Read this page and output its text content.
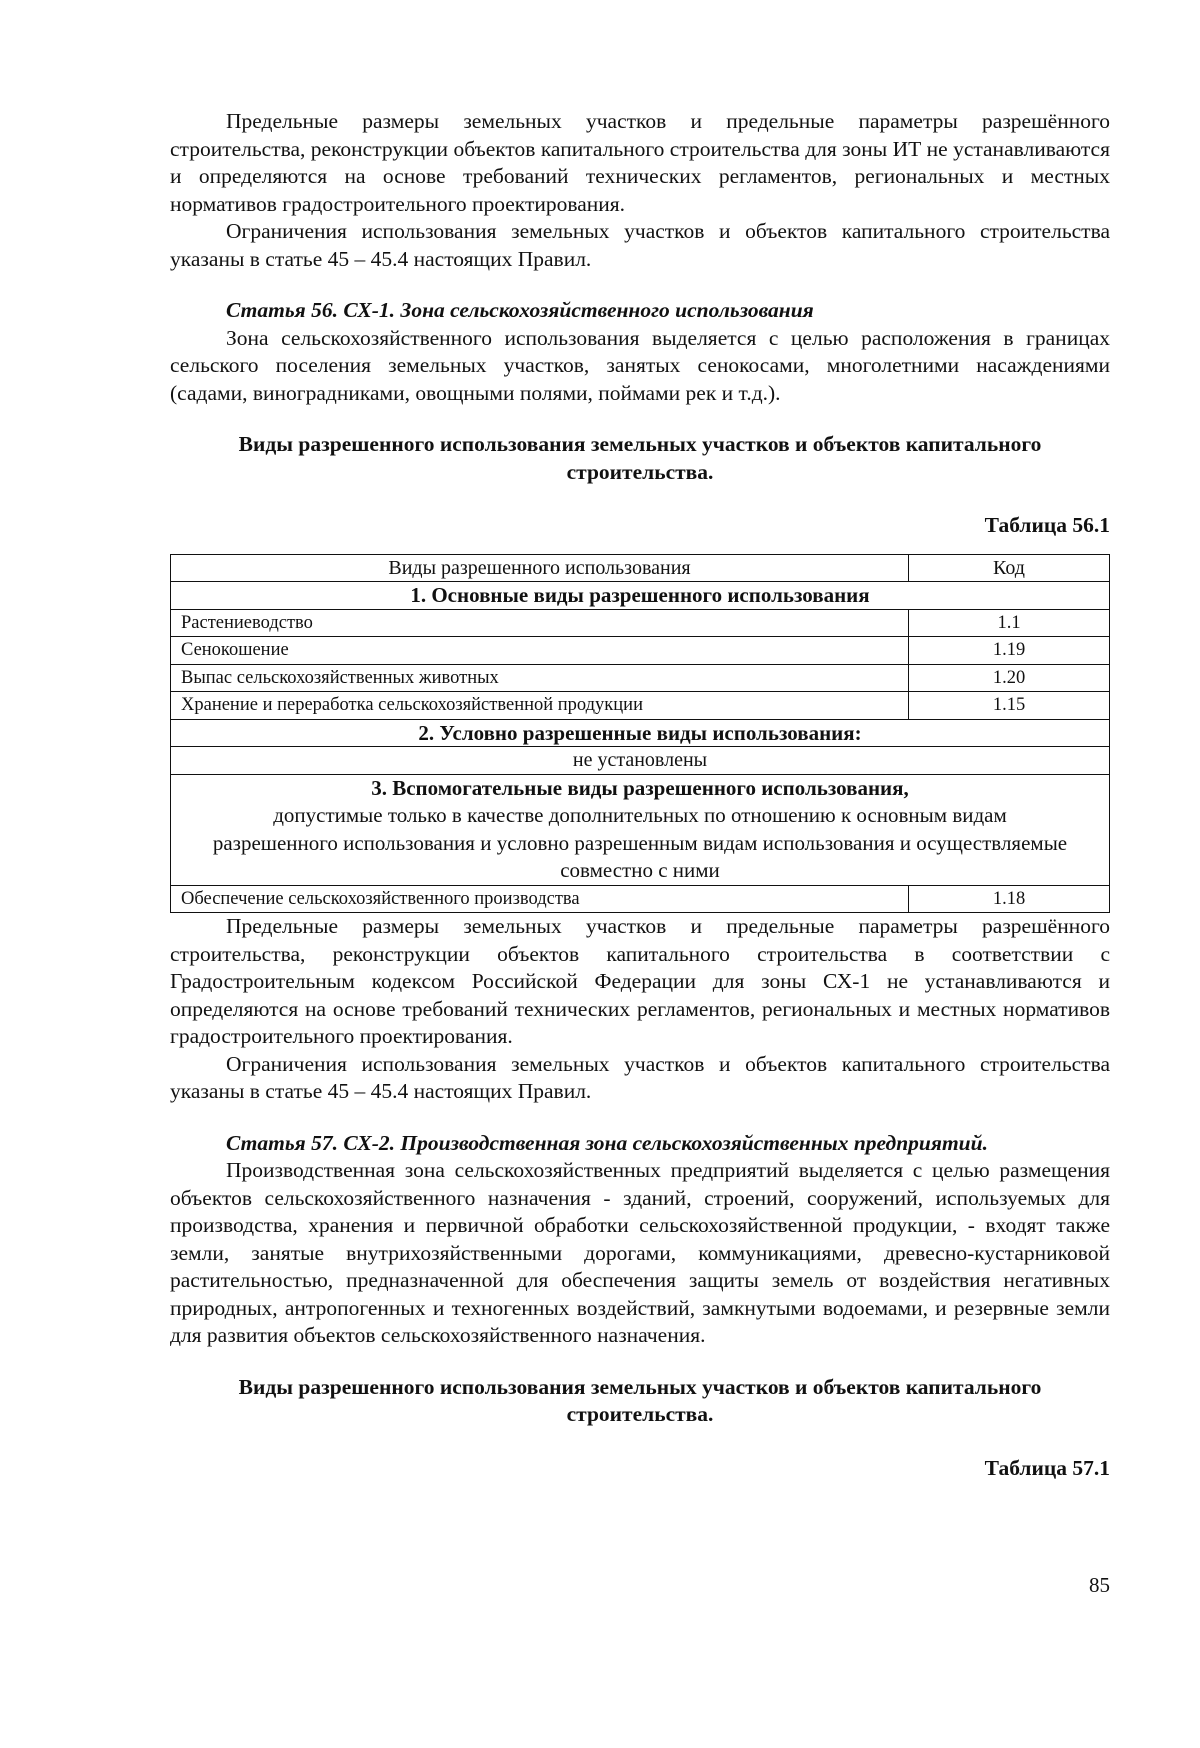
Предельные размеры земельных участков и предельные параметры разрешённого строительства, реконструкции объектов капитального строительства для зоны ИТ не устанавливаются и определяются на основе требований технических регламентов, региональных и местных нормативов градостроительного проектирования.

Ограничения использования земельных участков и объектов капитального строительства указаны в статье 45 – 45.4 настоящих Правил.

Статья 56. СХ-1. Зона сельскохозяйственного использования

Зона сельскохозяйственного использования выделяется с целью расположения в границах сельского поселения земельных участков, занятых сенокосами, многолетними насаждениями (садами, виноградниками, овощными полями, поймами рек и т.д.).

Виды разрешенного использования земельных участков и объектов капитального строительства.

Таблица 56.1

Виды разрешенного использования	Код
1. Основные виды разрешенного использования	
Растениеводство	1.1
Сенокошение	1.19
Выпас сельскохозяйственных животных	1.20
Хранение и переработка сельскохозяйственной продукции	1.15
2. Условно разрешенные виды использования:	
не установлены	

3. Вспомогательные виды разрешенного использования,
допустимые только в качестве дополнительных по отношению к основным видам разрешенного использования и условно разрешенным видам использования и осуществляемые совместно с ними	

Обеспечение сельскохозяйственного производства	1.18

Предельные размеры земельных участков и предельные параметры разрешённого строительства, реконструкции объектов капитального строительства в соответствии с Градостроительным кодексом Российской Федерации для зоны СХ-1 не устанавливаются и определяются на основе требований технических регламентов, региональных и местных нормативов градостроительного проектирования.

Ограничения использования земельных участков и объектов капитального строительства указаны в статье 45 – 45.4 настоящих Правил.

Статья 57. СХ-2. Производственная зона сельскохозяйственных предприятий.

Производственная зона сельскохозяйственных предприятий выделяется с целью размещения объектов сельскохозяйственного назначения - зданий, строений, сооружений, используемых для производства, хранения и первичной обработки сельскохозяйственной продукции, - входят также земли, занятые внутрихозяйственными дорогами, коммуникациями, древесно-кустарниковой растительностью, предназначенной для обеспечения защиты земель от воздействия негативных природных, антропогенных и техногенных воздействий, замкнутыми водоемами, и резервные земли для развития объектов сельскохозяйственного назначения.

Виды разрешенного использования земельных участков и объектов капитального строительства.

Таблица 57.1

85
